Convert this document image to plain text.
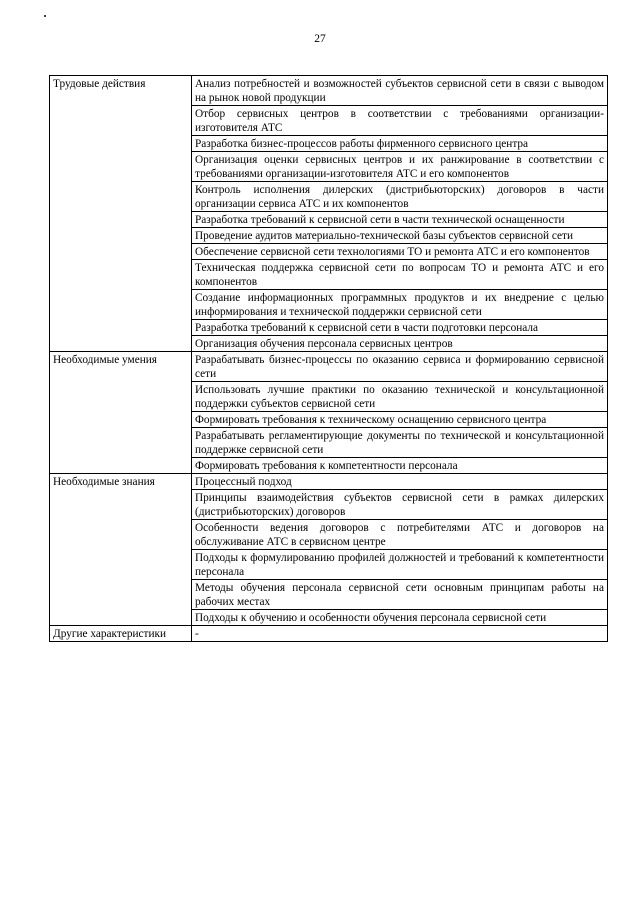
27
Трудовые действия	Анализ потребностей и возможностей субъектов сервисной сети в связи с выводом на рынок новой продукции
	Отбор сервисных центров в соответствии с требованиями организации-изготовителя АТС
	Разработка бизнес-процессов работы фирменного сервисного центра
	Организация оценки сервисных центров и их ранжирование в соответствии с требованиями организации-изготовителя АТС и его компонентов
	Контроль исполнения дилерских (дистрибьюторских) договоров в части организации сервиса АТС и их компонентов
	Разработка требований к сервисной сети в части технической оснащенности
	Проведение аудитов материально-технической базы субъектов сервисной сети
	Обеспечение сервисной сети технологиями ТО и ремонта АТС и его компонентов
	Техническая поддержка сервисной сети по вопросам ТО и ремонта АТС и его компонентов
	Создание информационных программных продуктов и их внедрение с целью информирования и технической поддержки сервисной сети
	Разработка требований к сервисной сети в части подготовки персонала
	Организация обучения персонала сервисных центров
Необходимые умения	Разрабатывать бизнес-процессы по оказанию сервиса и формированию сервисной сети
	Использовать лучшие практики по оказанию технической и консультационной поддержки субъектов сервисной сети
	Формировать требования к техническому оснащению сервисного центра
	Разрабатывать регламентирующие документы по технической и консультационной поддержке сервисной сети
	Формировать требования к компетентности персонала
Необходимые знания	Процессный подход
	Принципы взаимодействия субъектов сервисной сети в рамках дилерских (дистрибьюторских) договоров
	Особенности ведения договоров с потребителями АТС и договоров на обслуживание АТС в сервисном центре
	Подходы к формулированию профилей должностей и требований к компетентности персонала
	Методы обучения персонала сервисной сети основным принципам работы на рабочих местах
	Подходы к обучению и особенности обучения персонала сервисной сети
Другие характеристики	-
